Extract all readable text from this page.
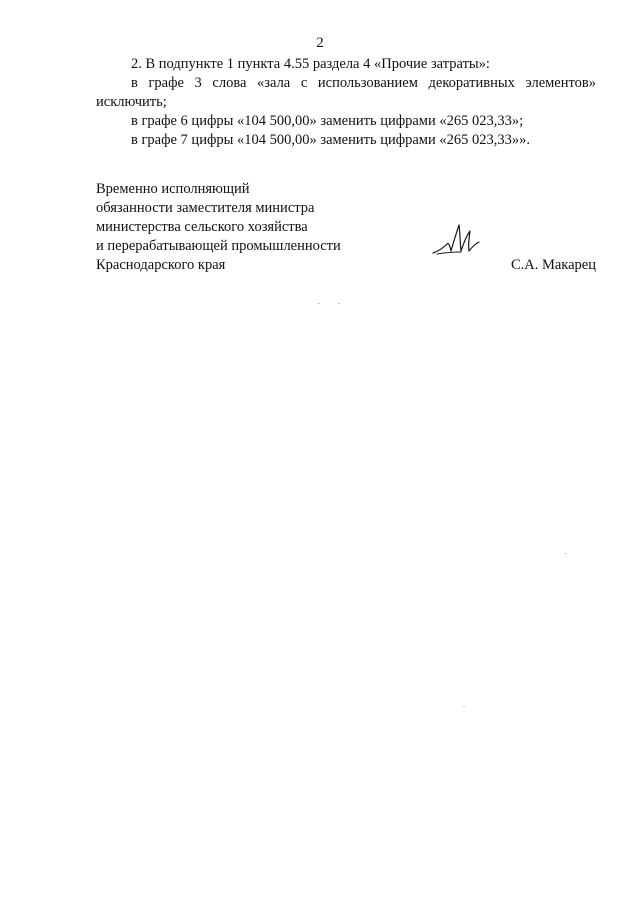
2
2. В подпункте 1 пункта 4.55 раздела 4 «Прочие затраты»:
в графе 3 слова «зала с использованием декоративных элементов»
исключить;
в графе 6 цифры «104 500,00» заменить цифрами «265 023,33»;
в графе 7 цифры «104 500,00» заменить цифрами «265 023,33»».
Временно исполняющий
обязанности заместителя министра
министерства сельского хозяйства
и перерабатывающей промышленности
Краснодарского края	С.А. Макарец
